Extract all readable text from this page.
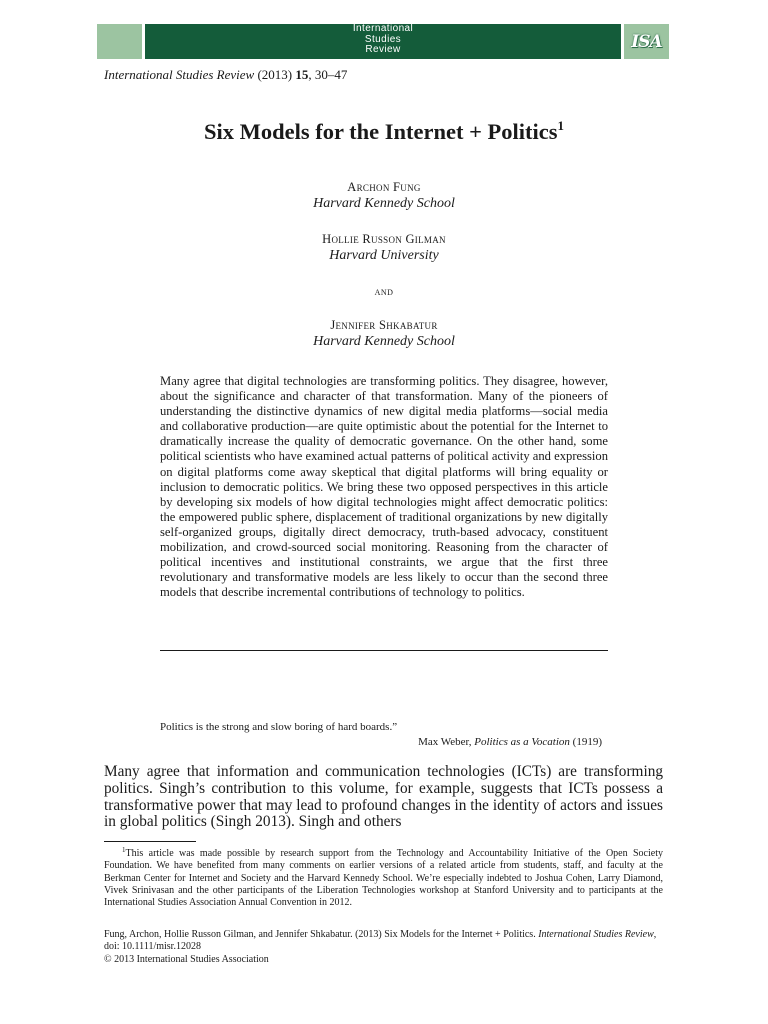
International
Studies
Review	ISA
International Studies Review (2013) 15, 30–47
Six Models for the Internet + Politics$^1$
Archon Fung
Harvard Kennedy School
Hollie Russon Gilman
Harvard University
and
Jennifer Shkabatur
Harvard Kennedy School

Many agree that digital technologies are transforming politics. They disagree, however, about the significance and character of that transformation. Many of the pioneers of understanding the distinctive dynamics of new digital media platforms—social media and collaborative production—are quite optimistic about the potential for the Internet to dramatically increase the quality of democratic governance. On the other hand, some political scientists who have examined actual patterns of political activity and expression on digital platforms come away skeptical that digital platforms will bring equality or inclusion to democratic politics. We bring these two opposed perspectives in this article by developing six models of how digital technologies might affect democratic politics: the empowered public sphere, displacement of traditional organizations by new digitally self-organized groups, digitally direct democracy, truth-based advocacy, constituent mobilization, and crowd-sourced social monitoring. Reasoning from the character of political incentives and institutional constraints, we argue that the first three revolutionary and transformative models are less likely to occur than the second three models that describe incremental contributions of technology to politics.

Politics is the strong and slow boring of hard boards.”
Max Weber, Politics as a Vocation (1919)

Many agree that information and communication technologies (ICTs) are transforming politics. Singh’s contribution to this volume, for example, suggests that ICTs possess a transformative power that may lead to profound changes in the identity of actors and issues in global politics (Singh 2013). Singh and others

$^1$This article was made possible by research support from the Technology and Accountability Initiative of the Open Society Foundation. We have benefited from many comments on earlier versions of a related article from students, staff, and faculty at the Berkman Center for Internet and Society and the Harvard Kennedy School. We’re especially indebted to Joshua Cohen, Larry Diamond, Vivek Srinivasan and the other participants of the Liberation Technologies workshop at Stanford University and to participants at the International Studies Association Annual Convention in 2012.

Fung, Archon, Hollie Russon Gilman, and Jennifer Shkabatur. (2013) Six Models for the Internet + Politics. International Studies Review, doi: 10.1111/misr.12028
© 2013 International Studies Association
